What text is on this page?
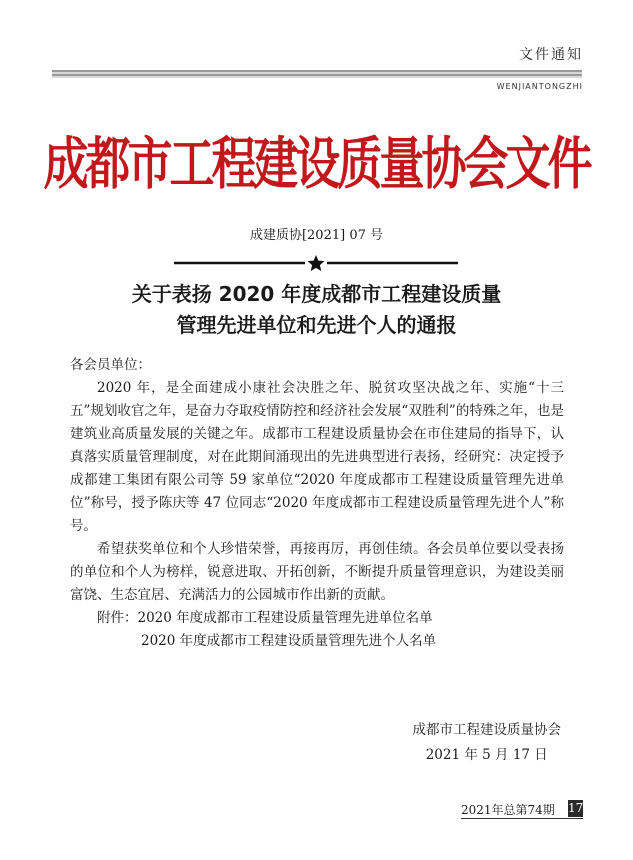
文件通知
WENJIANTONGZHI
成都市工程建设质量协会文件
成建质协[2021] 07 号
关于表扬 2020 年度成都市工程建设质量
管理先进单位和先进个人的通报

各会员单位：

2020 年，是全面建成小康社会决胜之年、脱贫攻坚决战之年、实施“十三五”规划收官之年，是奋力夺取疫情防控和经济社会发展“双胜利”的特殊之年，也是建筑业高质量发展的关键之年。成都市工程建设质量协会在市住建局的指导下，认真落实质量管理制度，对在此期间涌现出的先进典型进行表扬，经研究：决定授予成都建工集团有限公司等 59 家单位“2020 年度成都市工程建设质量管理先进单位”称号，授予陈庆等 47 位同志“2020 年度成都市工程建设质量管理先进个人”称号。

希望获奖单位和个人珍惜荣誉，再接再厉，再创佳绩。各会员单位要以受表扬的单位和个人为榜样，锐意进取、开拓创新，不断提升质量管理意识，为建设美丽富饶、生态宜居、充满活力的公园城市作出新的贡献。

附件：2020 年度成都市工程建设质量管理先进单位名单

2020 年度成都市工程建设质量管理先进个人名单

成都市工程建设质量协会
2021 年 5 月 17 日
2021年总第74期 17
